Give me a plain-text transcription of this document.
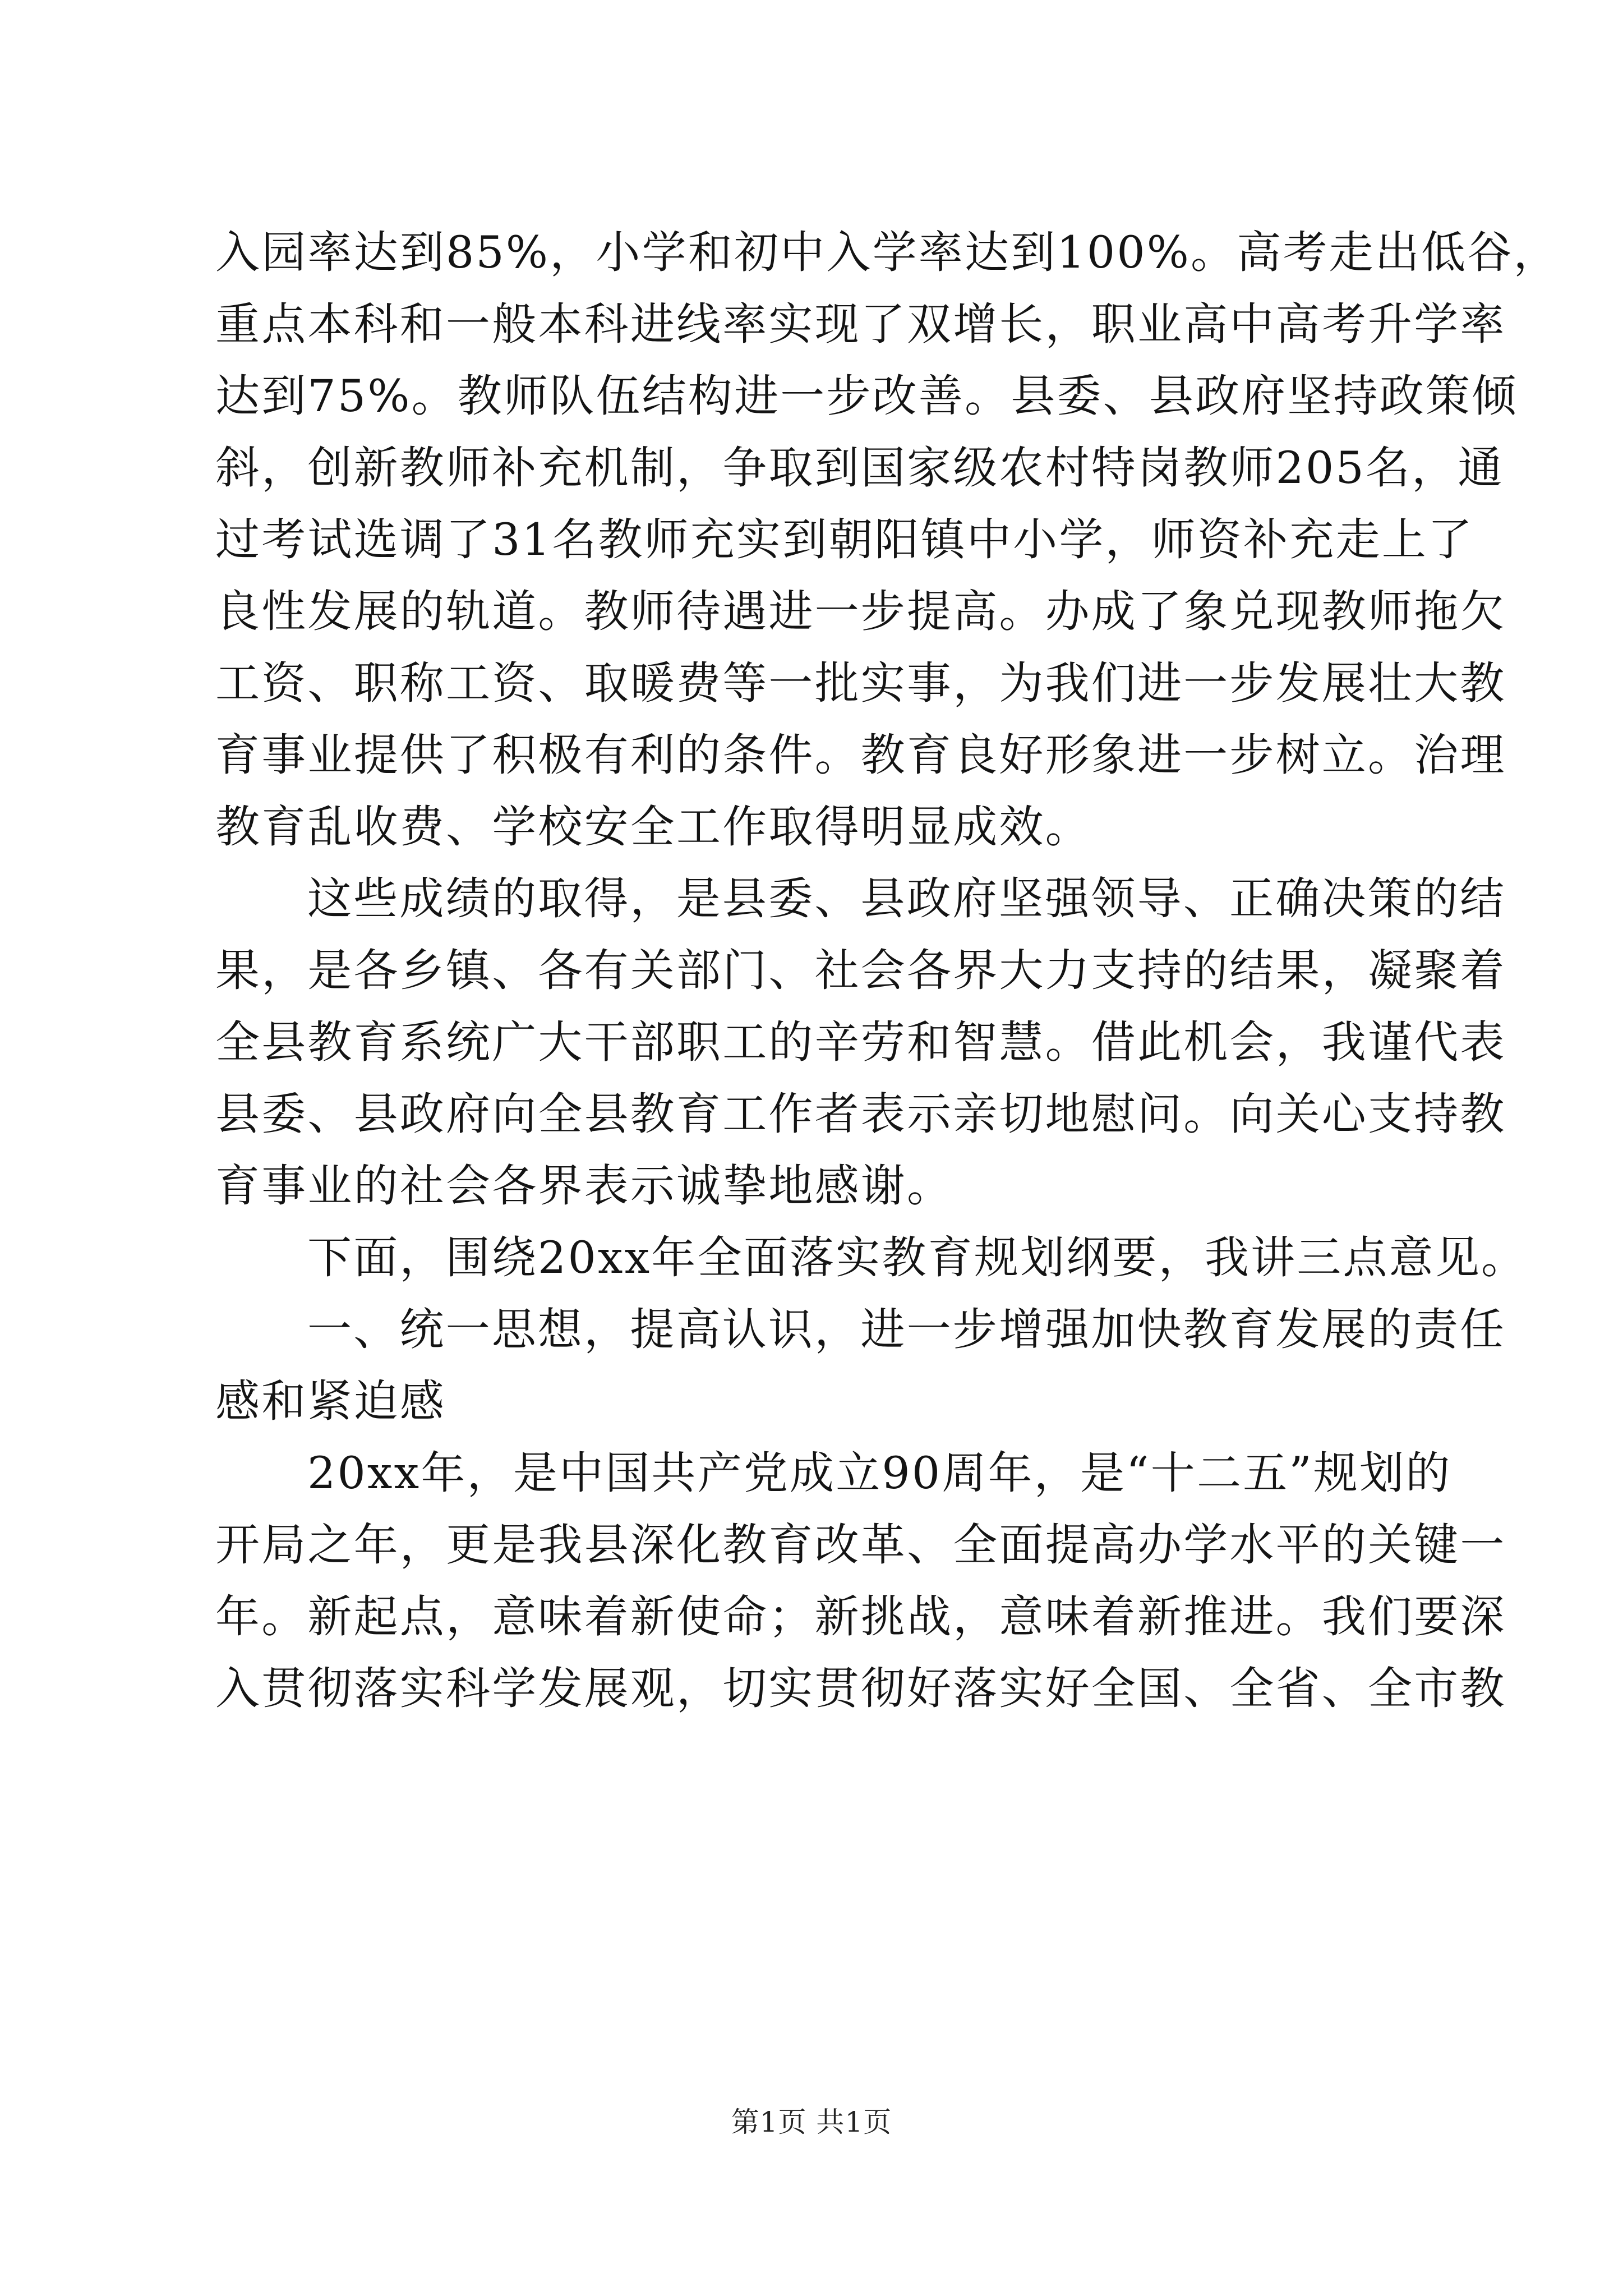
入园率达到85%，小学和初中入学率达到100%。高考走出低谷，
重点本科和一般本科进线率实现了双增长，职业高中高考升学率
达到75%。教师队伍结构进一步改善。县委、县政府坚持政策倾
斜，创新教师补充机制，争取到国家级农村特岗教师205名，通
过考试选调了31名教师充实到朝阳镇中小学，师资补充走上了
良性发展的轨道。教师待遇进一步提高。办成了象兑现教师拖欠
工资、职称工资、取暖费等一批实事，为我们进一步发展壮大教
育事业提供了积极有利的条件。教育良好形象进一步树立。治理
教育乱收费、学校安全工作取得明显成效。
这些成绩的取得，是县委、县政府坚强领导、正确决策的结
果，是各乡镇、各有关部门、社会各界大力支持的结果，凝聚着
全县教育系统广大干部职工的辛劳和智慧。借此机会，我谨代表
县委、县政府向全县教育工作者表示亲切地慰问。向关心支持教
育事业的社会各界表示诚挚地感谢。
下面，围绕20xx年全面落实教育规划纲要，我讲三点意见。
一、统一思想，提高认识，进一步增强加快教育发展的责任
感和紧迫感
20xx年，是中国共产党成立90周年，是“十二五”规划的
开局之年，更是我县深化教育改革、全面提高办学水平的关键一
年。新起点，意味着新使命；新挑战，意味着新推进。我们要深
入贯彻落实科学发展观，切实贯彻好落实好全国、全省、全市教
第1页 共1页
